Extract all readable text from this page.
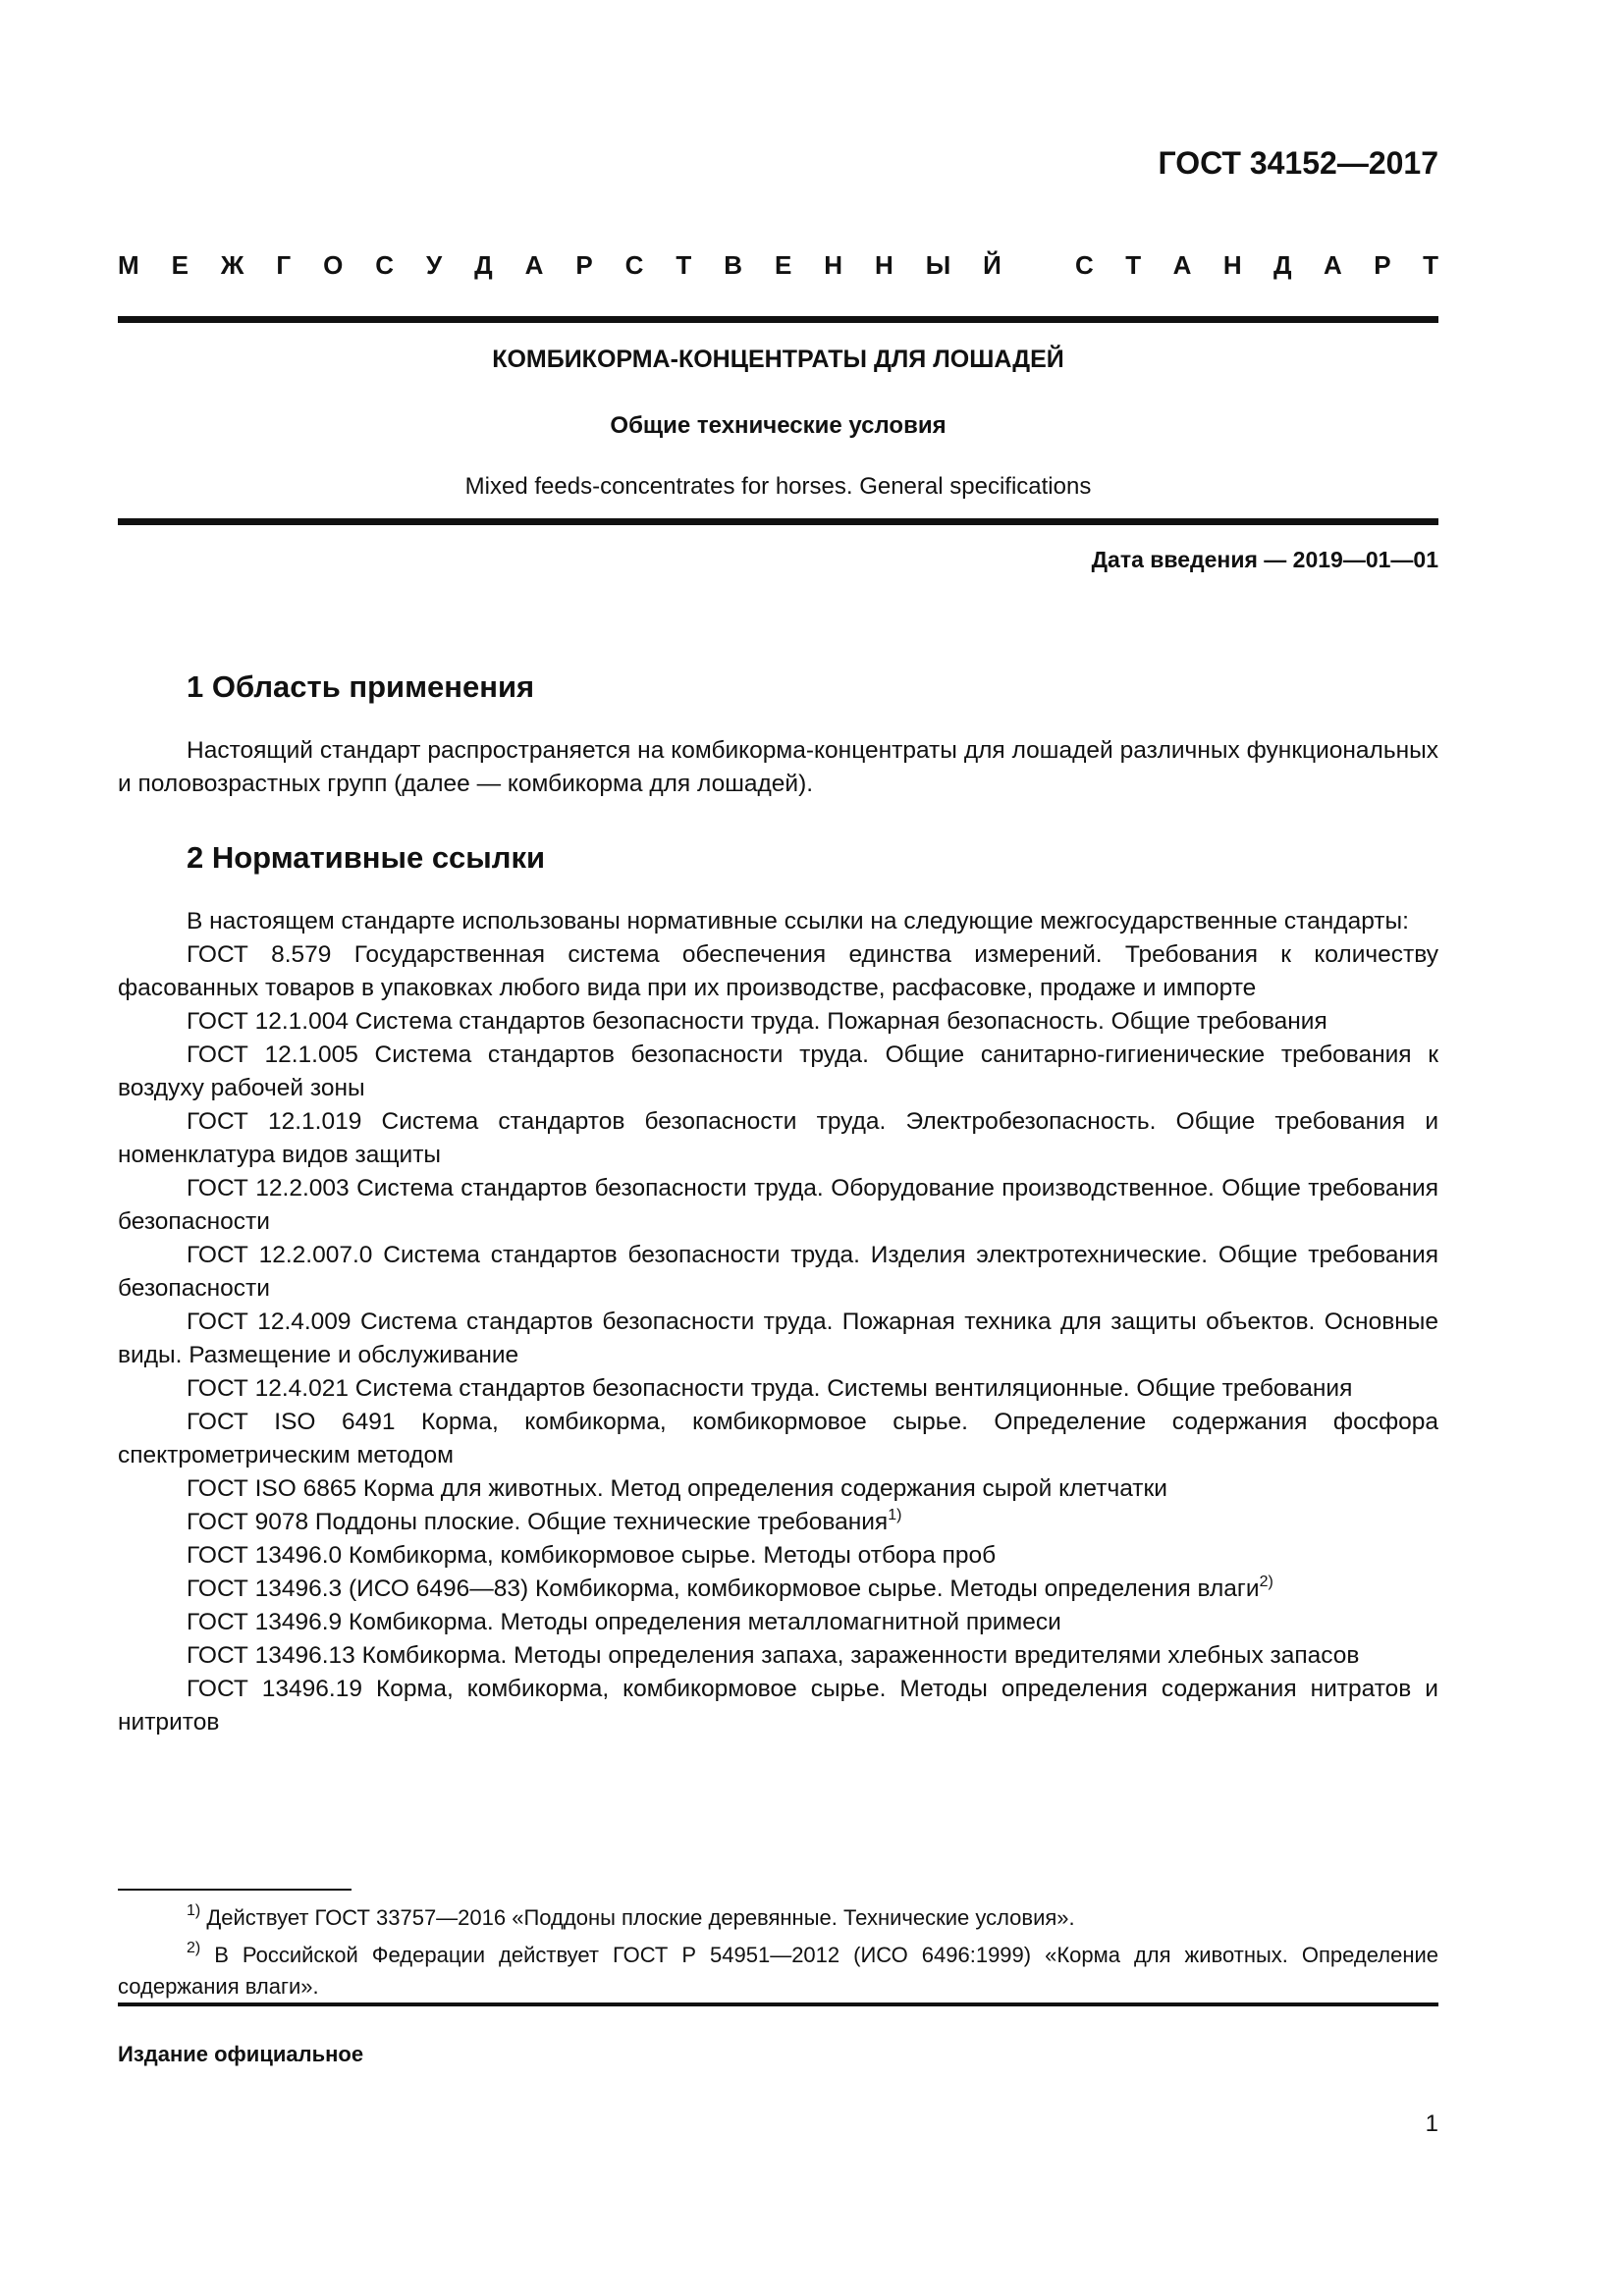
ГОСТ 34152—2017
М Е Ж Г О С У Д А Р С Т В Е Н Н Ы Й	С Т А Н Д А Р Т
КОМБИКОРМА-КОНЦЕНТРАТЫ ДЛЯ ЛОШАДЕЙ
Общие технические условия
Mixed feeds-concentrates for horses. General specifications
Дата введения — 2019—01—01
1 Область применения

Настоящий стандарт распространяется на комбикорма-концентраты для лошадей различных функциональных и половозрастных групп (далее — комбикорма для лошадей).

2 Нормативные ссылки

В настоящем стандарте использованы нормативные ссылки на следующие межгосударственные стандарты:

ГОСТ 8.579 Государственная система обеспечения единства измерений. Требования к количеству фасованных товаров в упаковках любого вида при их производстве, расфасовке, продаже и импорте

ГОСТ 12.1.004 Система стандартов безопасности труда. Пожарная безопасность. Общие требования

ГОСТ 12.1.005 Система стандартов безопасности труда. Общие санитарно-гигиенические требования к воздуху рабочей зоны

ГОСТ 12.1.019 Система стандартов безопасности труда. Электробезопасность. Общие требования и номенклатура видов защиты

ГОСТ 12.2.003 Система стандартов безопасности труда. Оборудование производственное. Общие требования безопасности

ГОСТ 12.2.007.0 Система стандартов безопасности труда. Изделия электротехнические. Общие требования безопасности

ГОСТ 12.4.009 Система стандартов безопасности труда. Пожарная техника для защиты объектов. Основные виды. Размещение и обслуживание

ГОСТ 12.4.021 Система стандартов безопасности труда. Системы вентиляционные. Общие требования

ГОСТ ISO 6491 Корма, комбикорма, комбикормовое сырье. Определение содержания фосфора спектрометрическим методом

ГОСТ ISO 6865 Корма для животных. Метод определения содержания сырой клетчатки

ГОСТ 9078 Поддоны плоские. Общие технические требования$^{1)}$

ГОСТ 13496.0 Комбикорма, комбикормовое сырье. Методы отбора проб

ГОСТ 13496.3 (ИСО 6496—83) Комбикорма, комбикормовое сырье. Методы определения влаги$^{2)}$

ГОСТ 13496.9 Комбикорма. Методы определения металломагнитной примеси

ГОСТ 13496.13 Комбикорма. Методы определения запаха, зараженности вредителями хлебных запасов

ГОСТ 13496.19 Корма, комбикорма, комбикормовое сырье. Методы определения содержания нитратов и нитритов

$^{1)}$ Действует ГОСТ 33757—2016 «Поддоны плоские деревянные. Технические условия».

$^{2)}$ В Российской Федерации действует ГОСТ Р 54951—2012 (ИСО 6496:1999) «Корма для животных. Определение содержания влаги».

Издание официальное
1
